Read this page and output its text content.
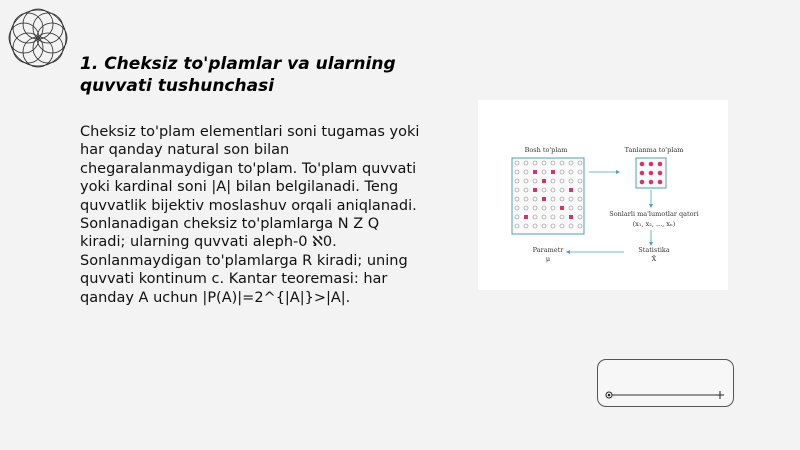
1. Cheksiz to'plamlar va ularning quvvati tushunchasi
Cheksiz to'plam elementlari soni tugamas yoki har qanday natural son bilan chegaralanmaydigan to'plam. To'plam quvvati yoki kardinal soni |A| bilan belgilanadi. Teng quvvatlik bijektiv moslashuv orqali aniqlanadi. Sonlanadigan cheksiz to'plamlarga N Z Q kiradi; ularning quvvati aleph-0 ℵ0. Sonlanmaydigan to'plamlarga R kiradi; uning quvvati kontinum c. Kantar teoremasi: har qanday A uchun |P(A)|=2^{|A|}>|A|.
Bosh to'plam	Tanlanma to'plam
Sonlarli ma'lumotlar qatori
(x₁, x₂, ..., xₙ)
Statistika
X̄
Parametr
μ
